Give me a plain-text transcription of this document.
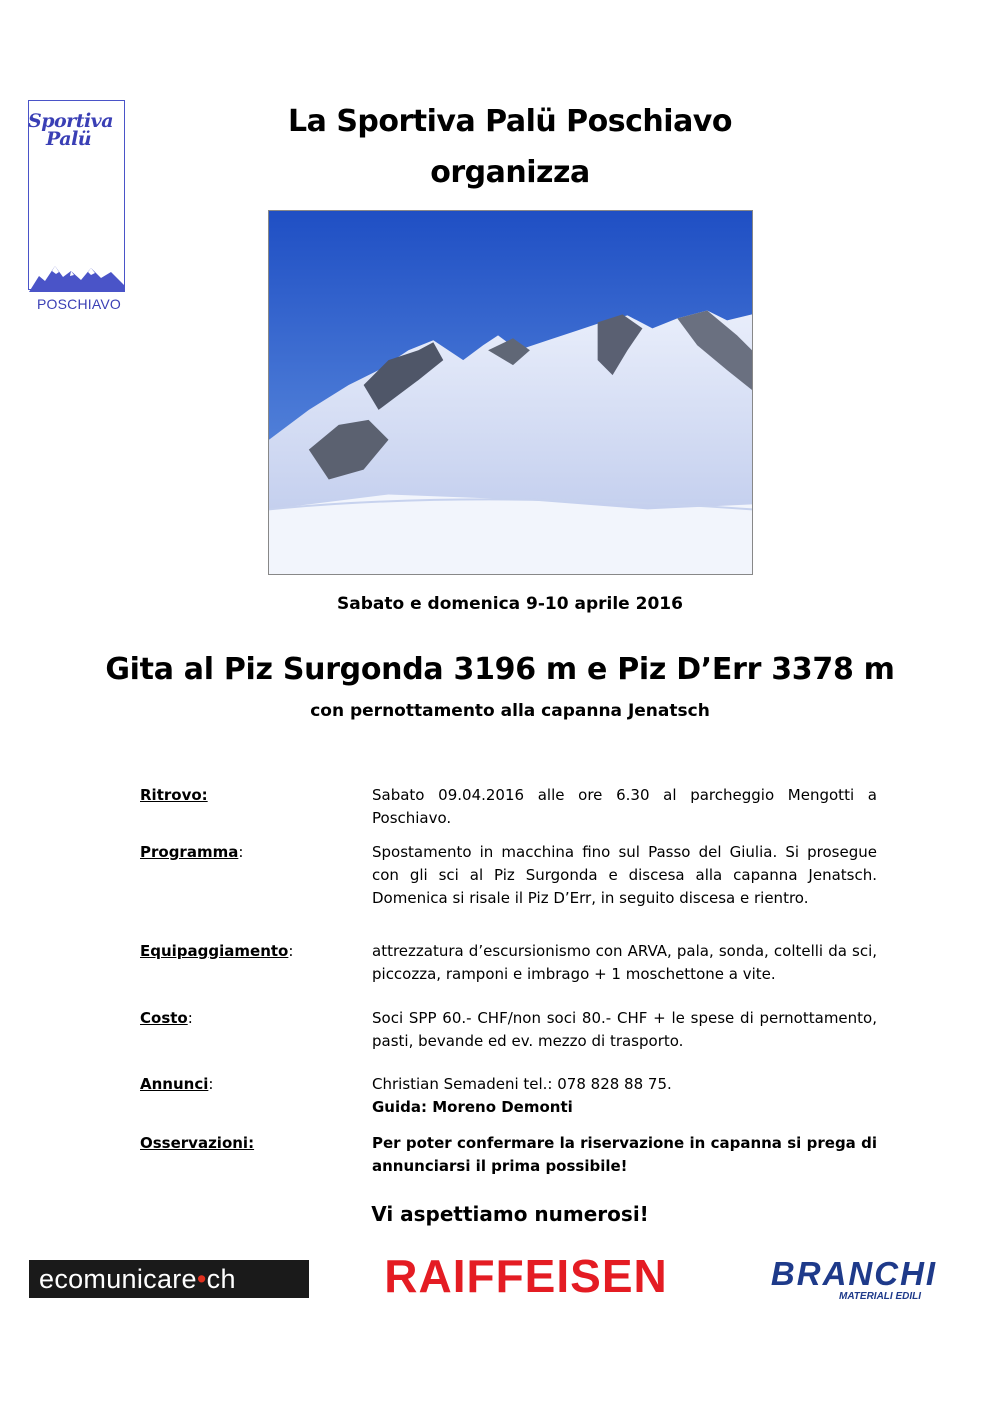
Sportiva
Palü
POSCHIAVO
La Sportiva Palü Poschiavo
organizza
Sabato e domenica 9-10 aprile 2016
Gita al Piz Surgonda 3196 m e Piz D’Err 3378 m
con pernottamento alla capanna Jenatsch
Ritrovo:	Sabato 09.04.2016 alle ore 6.30 al parcheggio Mengotti a Poschiavo.
Programma:	Spostamento in macchina fino sul Passo del Giulia. Si prosegue con gli sci al Piz Surgonda e discesa alla capanna Jenatsch. Domenica si risale il Piz D’Err, in seguito discesa e rientro.
Equipaggiamento:	attrezzatura d’escursionismo con ARVA, pala, sonda, coltelli da sci, piccozza, ramponi e imbrago + 1 moschettone a vite.
Costo:	Soci SPP 60.- CHF/non soci 80.- CHF + le spese di pernottamento, pasti, bevande ed ev. mezzo di trasporto.
Annunci:	Christian Semadeni tel.: 078 828 88 75.
Guida: Moreno Demonti
Osservazioni:	Per poter confermare la riservazione in capanna si prega di annunciarsi il prima possibile!
Vi aspettiamo numerosi!
ecomunicare•ch	RAIFFEISEN	BRANCHI
MATERIALI EDILI
